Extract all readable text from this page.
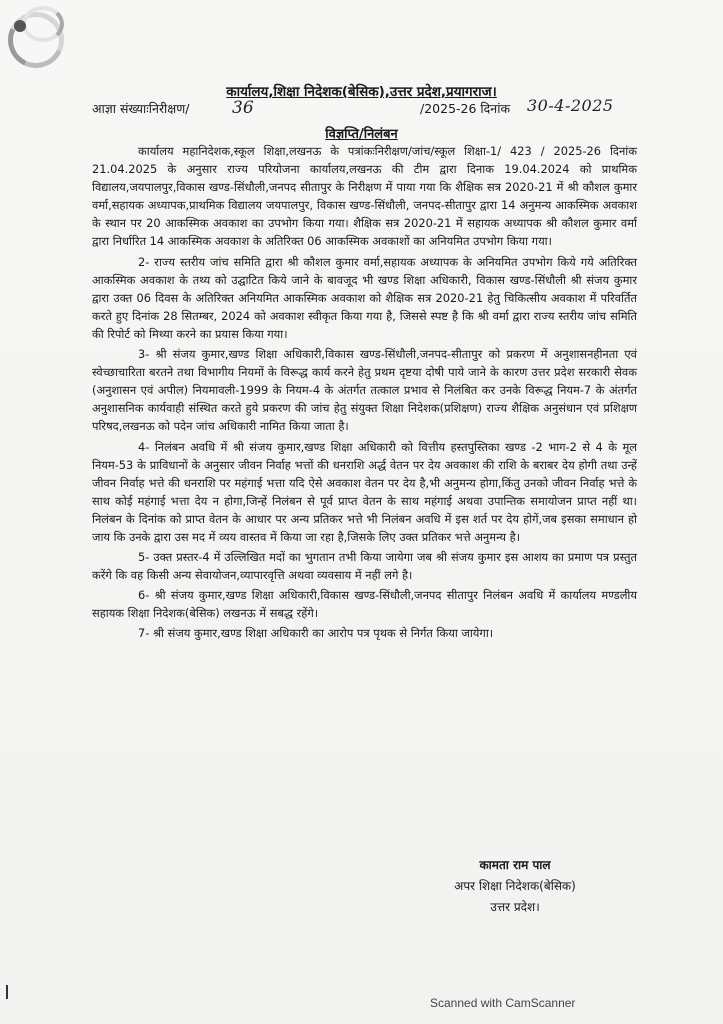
कार्यालय,शिक्षा निदेशक(बेसिक),उत्तर प्रदेश,प्रयागराज।
आज्ञा संख्याःनिरीक्षण/ 36	/2025-26 दिनांक 30-4-2025
विज्ञप्ति/निलंबन

कार्यालय महानिदेशक,स्कूल शिक्षा,लखनऊ के पत्रांकःनिरीक्षण/जांच/स्कूल शिक्षा-1/ 423 / 2025-26 दिनांक 21.04.2025 के अनुसार राज्य परियोजना कार्यालय,लखनऊ की टीम द्वारा दिनाक 19.04.2024 को प्राथमिक विद्यालय,जयपालपुर,विकास खण्ड-सिंधौली,जनपद सीतापुर के निरीक्षण में पाया गया कि शैक्षिक सत्र 2020-21 में श्री कौशल कुमार वर्मा,सहायक अध्यापक,प्राथमिक विद्यालय जयपालपुर, विकास खण्ड-सिंधौली, जनपद-सीतापुर द्वारा 14 अनुमन्य आकस्मिक अवकाश के स्थान पर 20 आकस्मिक अवकाश का उपभोग किया गया। शैक्षिक सत्र 2020-21 में सहायक अध्यापक श्री कौशल कुमार वर्मा द्वारा निर्धारित 14 आकस्मिक अवकाश के अतिरिक्त 06 आकस्मिक अवकाशों का अनियमित उपभोग किया गया।

2- राज्य स्तरीय जांच समिति द्वारा श्री कौशल कुमार वर्मा,सहायक अध्यापक के अनियमित उपभोग किये गये अतिरिक्त आकस्मिक अवकाश के तथ्य को उद्घाटित किये जाने के बावजूद भी खण्ड शिक्षा अधिकारी, विकास खण्ड-सिंधौली श्री संजय कुमार द्वारा उक्त 06 दिवस के अतिरिक्त अनियमित आकस्मिक अवकाश को शैक्षिक सत्र 2020-21 हेतु चिकित्सीय अवकाश में परिवर्तित करते हुए दिनांक 28 सितम्बर, 2024 को अवकाश स्वीकृत किया गया है, जिससे स्पष्ट है कि श्री वर्मा द्वारा राज्य स्तरीय जांच समिति की रिपोर्ट को मिथ्या करने का प्रयास किया गया।

3- श्री संजय कुमार,खण्ड शिक्षा अधिकारी,विकास खण्ड-सिंधौली,जनपद-सीतापुर को प्रकरण में अनुशासनहीनता एवं स्वेच्छाचारिता बरतने तथा विभागीय नियमों के विरूद्ध कार्य करने हेतु प्रथम दृष्टया दोषी पाये जाने के कारण उत्तर प्रदेश सरकारी सेवक (अनुशासन एवं अपील) नियमावली-1999 के नियम-4 के अंतर्गत तत्काल प्रभाव से निलंबित कर उनके विरूद्ध नियम-7 के अंतर्गत अनुशासनिक कार्यवाही संस्थित करते हुये प्रकरण की जांच हेतु संयुक्त शिक्षा निदेशक(प्रशिक्षण) राज्य शैक्षिक अनुसंधान एवं प्रशिक्षण परिषद,लखनऊ को पदेन जांच अधिकारी नामित किया जाता है।

4- निलंबन अवधि में श्री संजय कुमार,खण्ड शिक्षा अधिकारी को वित्तीय हस्तपुस्तिका खण्ड -2 भाग-2 से 4 के मूल नियम-53 के प्राविधानों के अनुसार जीवन निर्वाह भत्तों की धनराशि अर्द्ध वेतन पर देय अवकाश की राशि के बराबर देय होगी तथा उन्हें जीवन निर्वाह भत्ते की धनराशि पर महंगाई भत्ता यदि ऐसे अवकाश वेतन पर देय है,भी अनुमन्य होगा,किंतु उनको जीवन निर्वाह भत्ते के साथ कोई महंगाई भत्ता देय न होगा,जिन्हें निलंबन से पूर्व प्राप्त वेतन के साथ महंगाई अथवा उपान्तिक समायोजन प्राप्त नहीं था। निलंबन के दिनांक को प्राप्त वेतन के आधार पर अन्य प्रतिकर भत्ते भी निलंबन अवधि में इस शर्त पर देय होगें,जब इसका समाधान हो जाय कि उनके द्वारा उस मद में व्यय वास्तव में किया जा रहा है,जिसके लिए उक्त प्रतिकर भत्ते अनुमन्य है।

5- उक्त प्रस्तर-4 में उल्लिखित मदों का भुगतान तभी किया जायेगा जब श्री संजय कुमार इस आशय का प्रमाण पत्र प्रस्तुत करेंगे कि वह किसी अन्य सेवायोजन,व्यापारवृत्ति अथवा व्यवसाय में नहीं लगे है।

6- श्री संजय कुमार,खण्ड शिक्षा अधिकारी,विकास खण्ड-सिंधौली,जनपद सीतापुर निलंबन अवधि में कार्यालय मण्डलीय सहायक शिक्षा निदेशक(बेसिक) लखनऊ में सबद्ध रहेंगे।

7- श्री संजय कुमार,खण्ड शिक्षा अधिकारी का आरोप पत्र पृथक से निर्गत किया जायेगा।

कामता राम पाल
अपर शिक्षा निदेशक(बेसिक)
उत्तर प्रदेश।
Scanned with CamScanner
